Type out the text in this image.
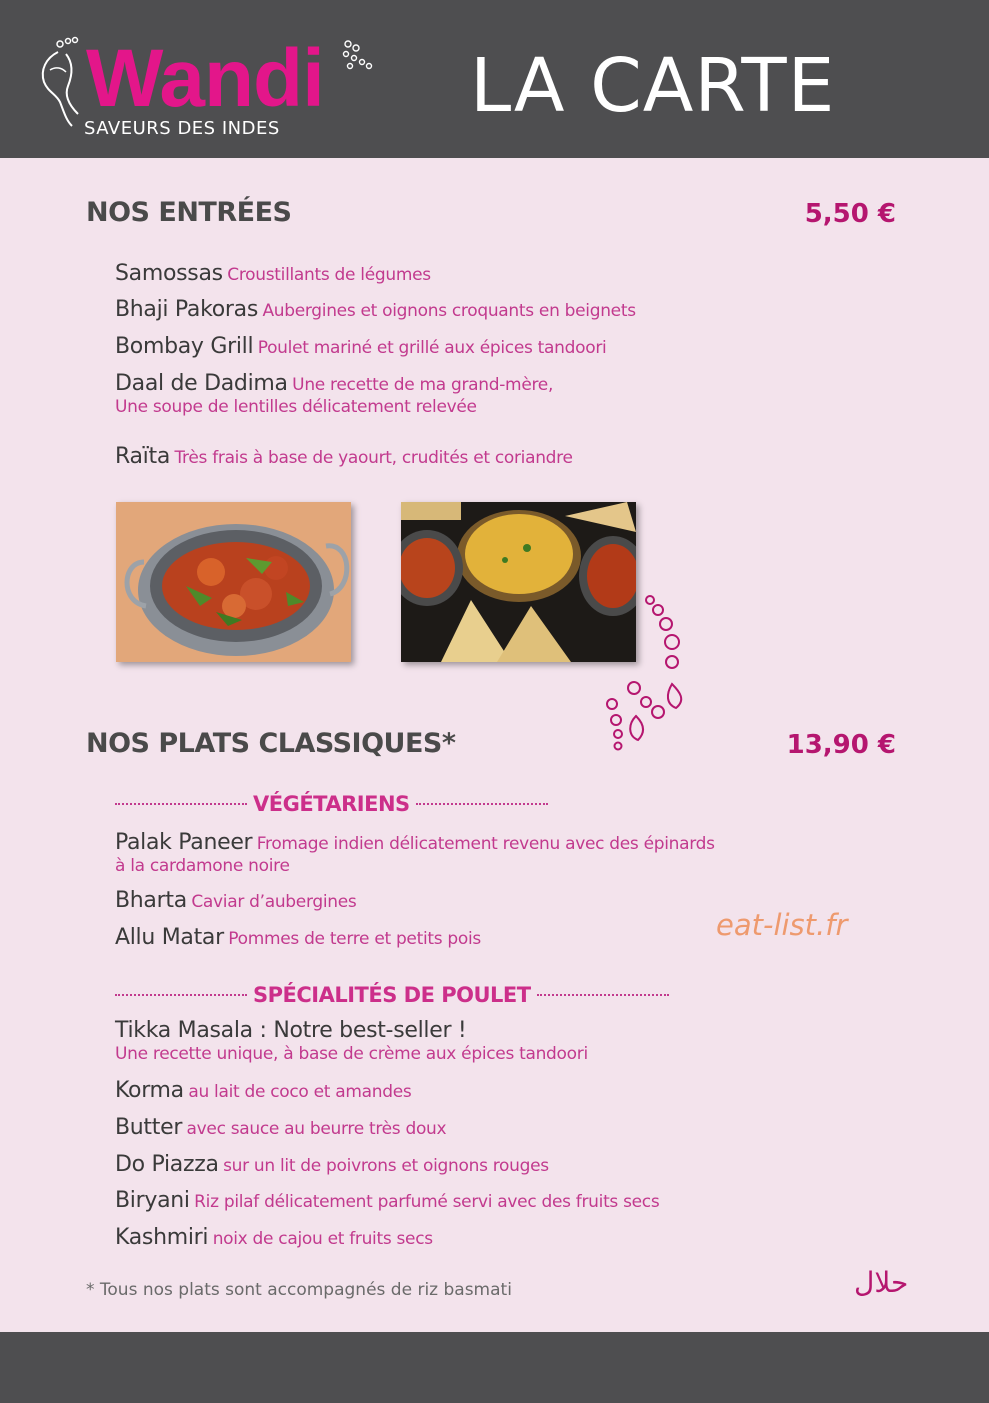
Wandi
SAVEURS DES INDES	LA CARTE
NOS ENTRÉES	5,50 €
Samossas Croustillants de légumes
Bhaji Pakoras Aubergines et oignons croquants en beignets
Bombay Grill Poulet mariné et grillé aux épices tandoori
Daal de Dadima Une recette de ma grand-mère,
Une soupe de lentilles délicatement relevée
Raïta Très frais à base de yaourt, crudités et coriandre
NOS PLATS CLASSIQUES*	13,90 €
VÉGÉTARIENS
Palak Paneer Fromage indien délicatement revenu avec des épinards
à la cardamone noire
Bharta Caviar d’aubergines
Allu Matar Pommes de terre et petits pois	eat-list.fr
SPÉCIALITÉS DE POULET
Tikka Masala : Notre best-seller !
Une recette unique, à base de crème aux épices tandoori
Korma au lait de coco et amandes
Butter avec sauce au beurre très doux
Do Piazza sur un lit de poivrons et oignons rouges
Biryani Riz pilaf délicatement parfumé servi avec des fruits secs
Kashmiri noix de cajou et fruits secs
* Tous nos plats sont accompagnés de riz basmati	حلال
